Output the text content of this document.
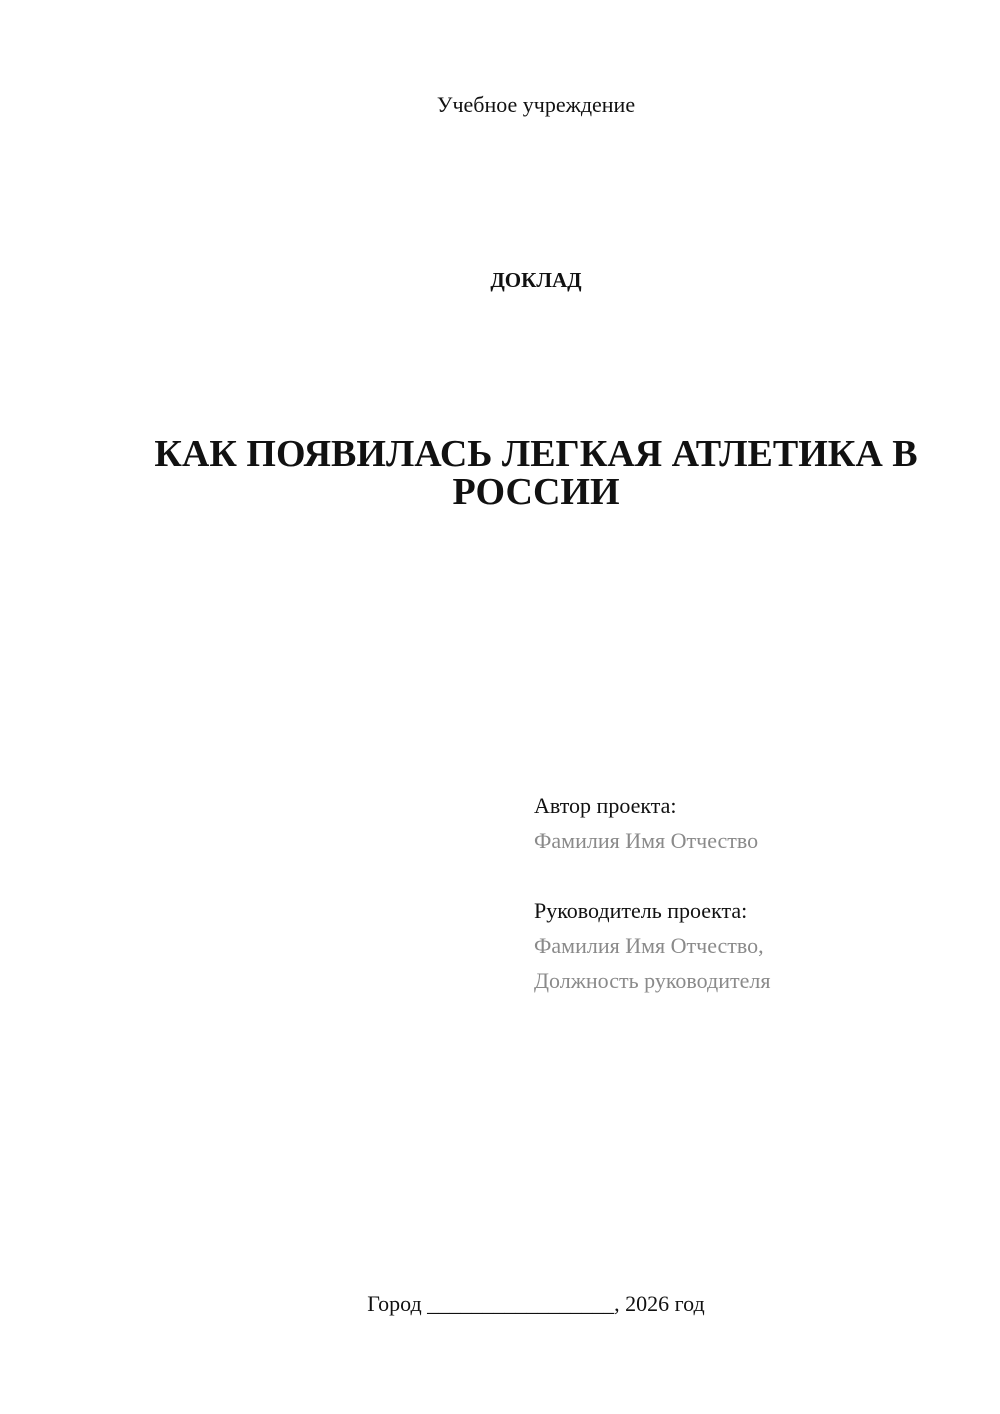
Учебное учреждение
ДОКЛАД
КАК ПОЯВИЛАСЬ ЛЕГКАЯ АТЛЕТИКА В РОССИИ
Автор проекта:
Фамилия Имя Отчество
Руководитель проекта:
Фамилия Имя Отчество,
Должность руководителя
Город _________________, 2026 год
